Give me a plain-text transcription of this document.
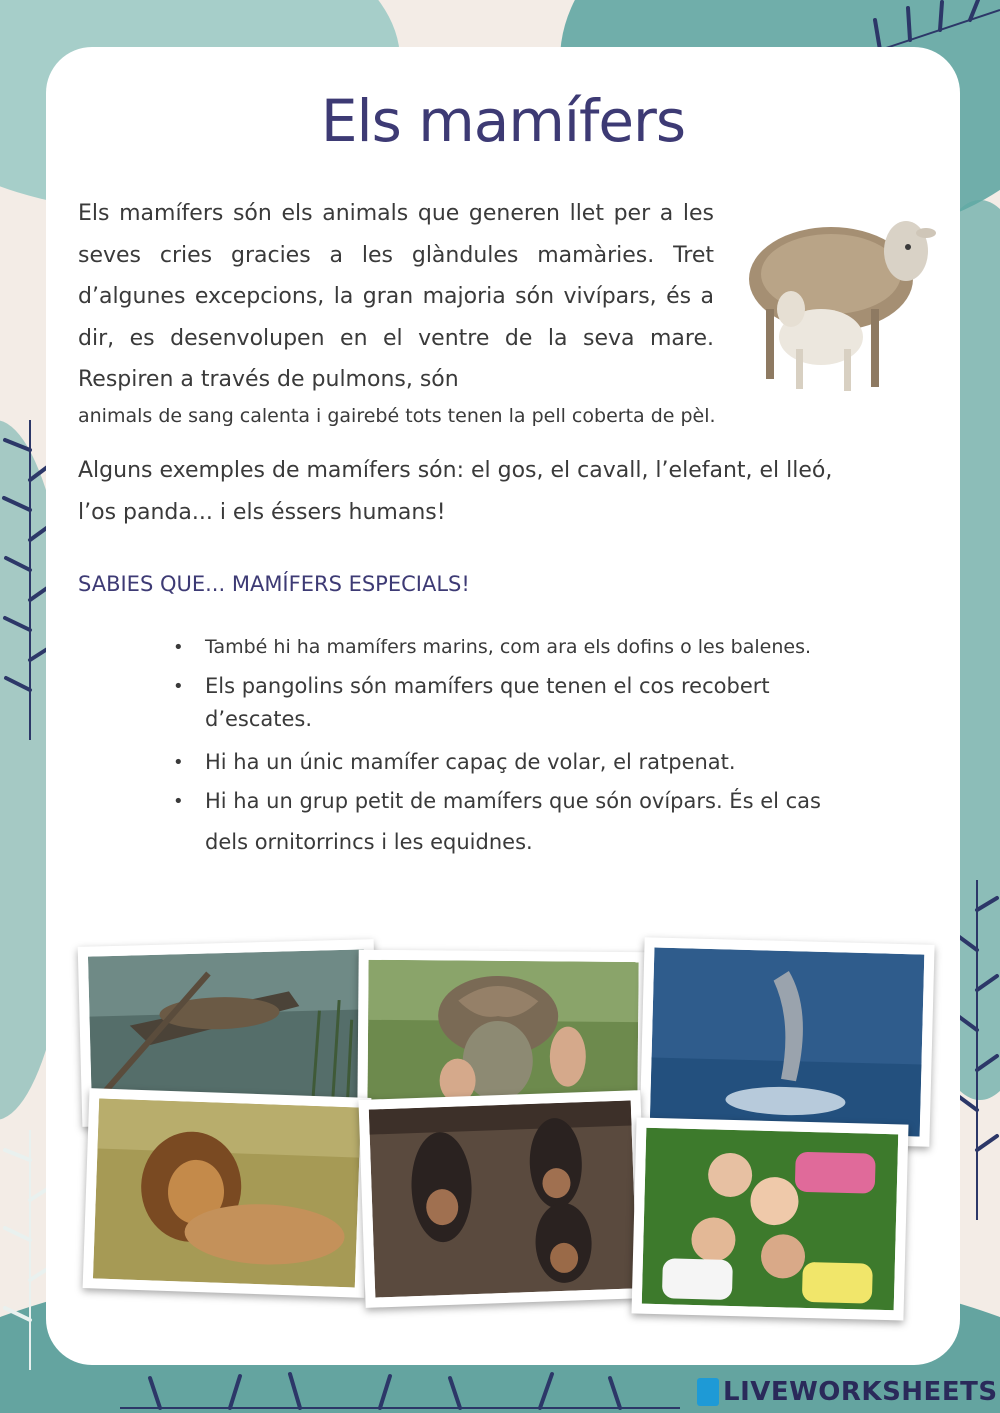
Els mamífers
Els mamífers són els animals que generen llet per a les seves cries gracies a les glàndules mamàries. Tret d’algunes excepcions, la gran majoria són vivípars, és a dir, es desenvolupen en el ventre de la seva mare. Respiren a través de pulmons, són
animals de sang calenta i gairebé tots tenen la pell coberta de pèl.
Alguns exemples de mamífers són: el gos, el cavall, l’elefant, el lleó, l’os panda... i els éssers humans!
SABIES QUE... MAMÍFERS ESPECIALS!
• També hi ha mamífers marins, com ara els dofins o les balenes.
• Els pangolins són mamífers que tenen el cos recobert d’escates.
• Hi ha un únic mamífer capaç de volar, el ratpenat.
• Hi ha un grup petit de mamífers que són ovípars. És el cas dels ornitorrincs i les equidnes.
LIVEWORKSHEETS
